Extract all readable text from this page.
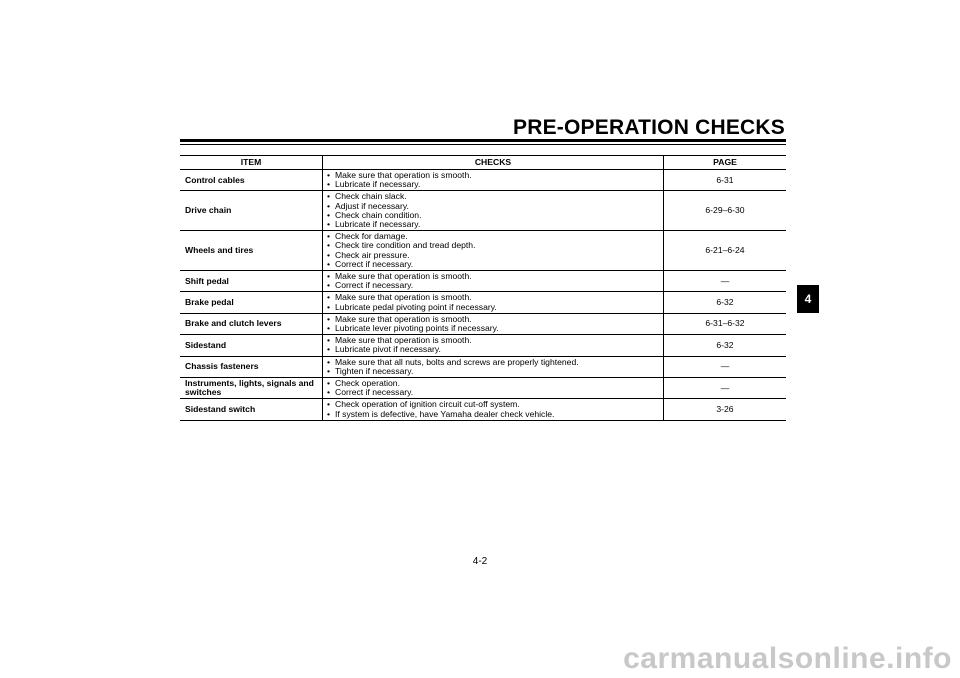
PRE-OPERATION CHECKS
4
ITEM	CHECKS	PAGE
Control cables	• Make sure that operation is smooth.
• Lubricate if necessary.	6-31
Drive chain	• Check chain slack.
• Adjust if necessary.
• Check chain condition.
• Lubricate if necessary.	6-29–6-30
Wheels and tires	• Check for damage.
• Check tire condition and tread depth.
• Check air pressure.
• Correct if necessary.	6-21–6-24
Shift pedal	• Make sure that operation is smooth.
• Correct if necessary.	—
Brake pedal	• Make sure that operation is smooth.
• Lubricate pedal pivoting point if necessary.	6-32
Brake and clutch levers	• Make sure that operation is smooth.
• Lubricate lever pivoting points if necessary.	6-31–6-32
Sidestand	• Make sure that operation is smooth.
• Lubricate pivot if necessary.	6-32
Chassis fasteners	• Make sure that all nuts, bolts and screws are properly tightened.
• Tighten if necessary.	—
Instruments, lights, signals and switches	• Check operation.
• Correct if necessary.	—
Sidestand switch	• Check operation of ignition circuit cut-off system.
• If system is defective, have Yamaha dealer check vehicle.	3-26
4-2
carmanualsonline.info
